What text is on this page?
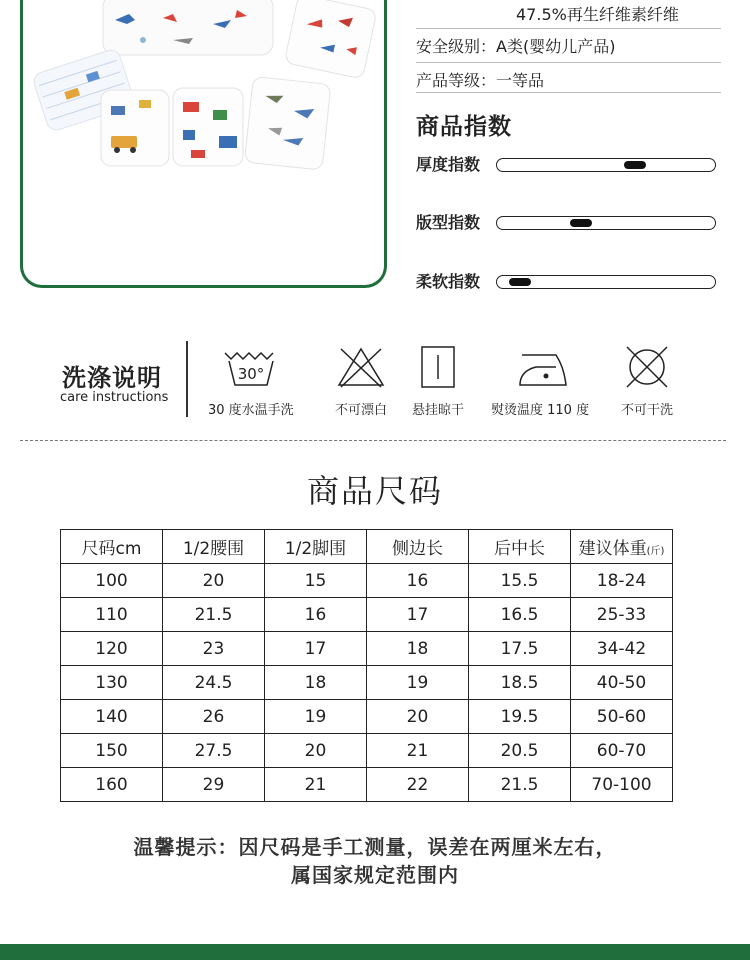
47.5%再生纤维素纤维
安全级别：A类(婴幼儿产品)
产品等级：一等品
商品指数
厚度指数
版型指数
柔软指数
洗涤说明
care instructions
30°
30 度水温手洗	不可漂白	悬挂晾干	熨烫温度 110 度	不可干洗
商品尺码
尺码cm	1/2腰围	1/2脚围	侧边长	后中长	建议体重(斤)
100	20	15	16	15.5	18-24
110	21.5	16	17	16.5	25-33
120	23	17	18	17.5	34-42
130	24.5	18	19	18.5	40-50
140	26	19	20	19.5	50-60
150	27.5	20	21	20.5	60-70
160	29	21	22	21.5	70-100
温馨提示：因尺码是手工测量，误差在两厘米左右，
属国家规定范围内
